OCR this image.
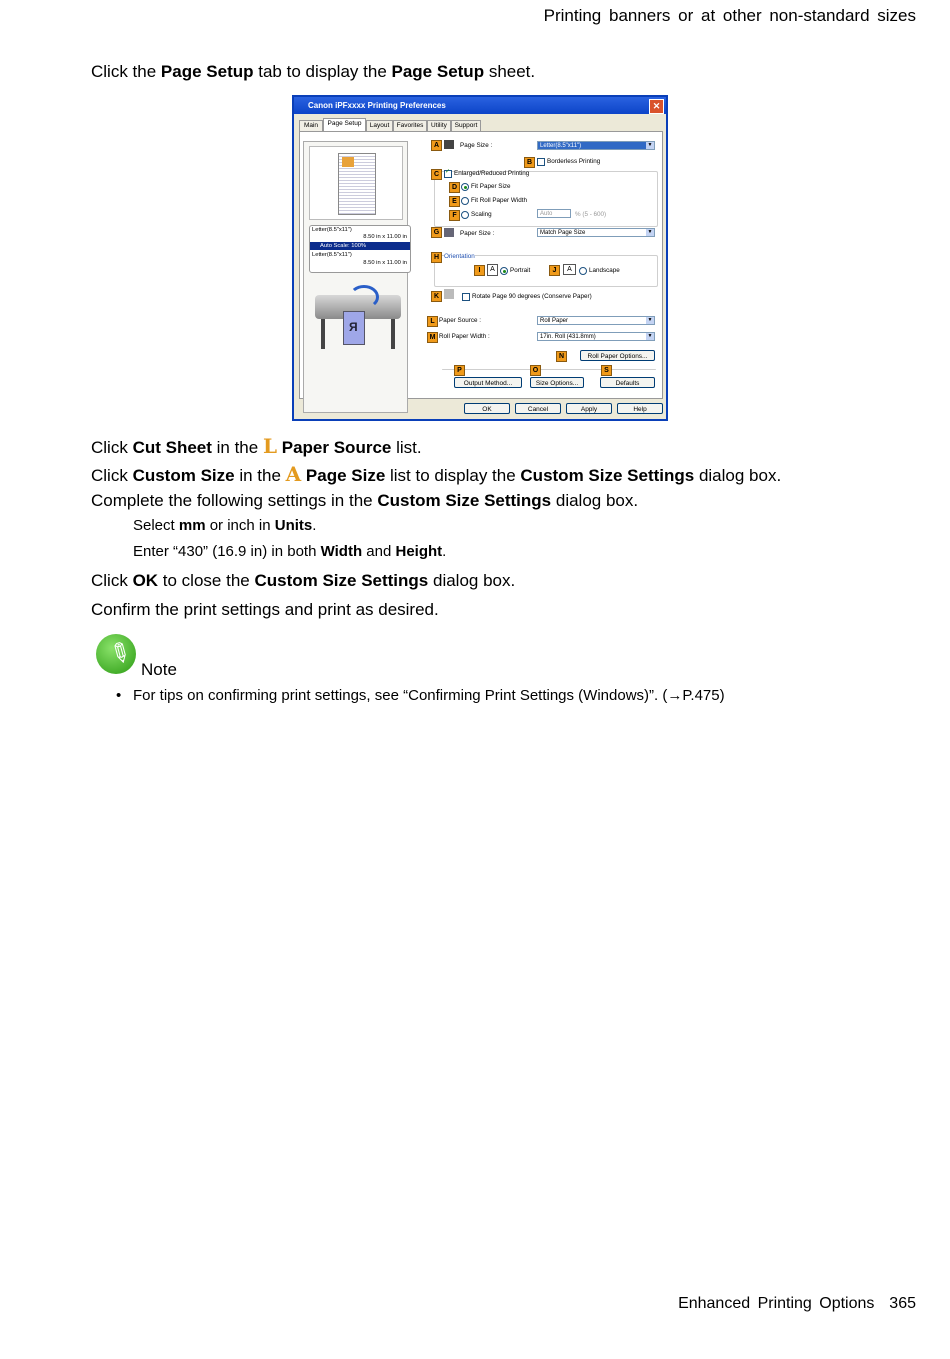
Printing banners or at other non-standard sizes
Click the Page Setup tab to display the Page Setup sheet.
Canon iPFxxxx Printing Preferences	✕
Main	Page Setup	Layout	Favorites	Utility	Support
Letter(8.5"x11")
8.50 in x 11.00 in
Auto Scale: 100%
Letter(8.5"x11")
8.50 in x 11.00 in
R
A	Page Size :	Letter(8.5"x11")	▼
B	Borderless Printing
C ✓ Enlarged/Reduced Printing
D	Fit Paper Size
E	Fit Roll Paper Width
F	Scaling	Auto	% (5 - 600)
G	Paper Size :	Match Page Size	▼
H Orientation
I	A	Portrait	J	A	Landscape
K	Rotate Page 90 degrees (Conserve Paper)
L Paper Source :	Roll Paper	▼
M Roll Paper Width :	17in. Roll (431.8mm)	▼
N	Roll Paper Options...
P	O	S
Output Method...	Size Options...	Defaults
OK	Cancel	Apply	Help
Click Cut Sheet in the L Paper Source list.
Click Custom Size in the A Page Size list to display the Custom Size Settings dialog box.
Complete the following settings in the Custom Size Settings dialog box.
Select mm or inch in Units.
Enter “430” (16.9 in) in both Width and Height.
Click OK to close the Custom Size Settings dialog box.
Confirm the print settings and print as desired.
✎ Note
• For tips on confirming print settings, see “Confirming Print Settings (Windows)”. (→P.475)
Enhanced Printing Options 365
